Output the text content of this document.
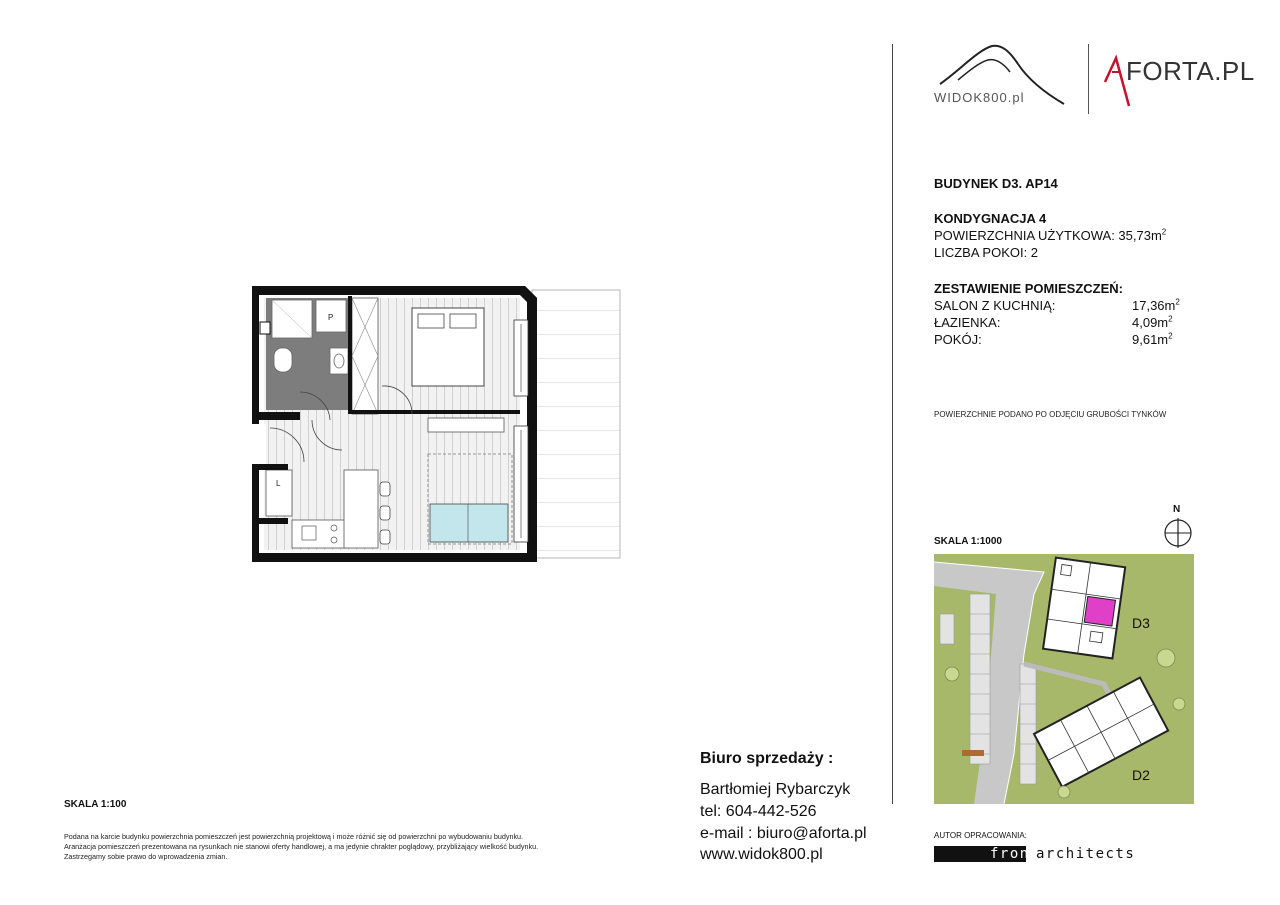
WIDOK800.pl
FORTA.PL
BUDYNEK D3. AP14
KONDYGNACJA 4
POWIERZCHNIA UŻYTKOWA: $35,73m^2$
LICZBA POKOI: 2
ZESTAWIENIE POMIESZCZEŃ:
SALON Z KUCHNIĄ:	$17,36m^2$
ŁAZIENKA:	$4,09m^2$
POKÓJ:	$9,61m^2$
POWIERZCHNIE PODANO PO ODJĘCIU GRUBOŚCI TYNKÓW
SKALA 1:1000
N
D3
D2
AUTOR OPRACOWANIA:
front
architects
Biuro sprzedaży :
Bartłomiej Rybarczyk
tel: 604-442-526
e-mail : biuro@aforta.pl
www.widok800.pl
SKALA 1:100
Podana na karcie budynku powierzchnia pomieszczeń jest powierzchnią projektową i może różnić się od powierzchni po wybudowaniu budynku.
Aranżacja pomieszczeń prezentowana na rysunkach nie stanowi oferty handlowej, a ma jedynie chrakter poglądowy, przybliżający wielkość budynku.
Zastrzegamy sobie prawo do wprowadzenia zmian.
P
L
